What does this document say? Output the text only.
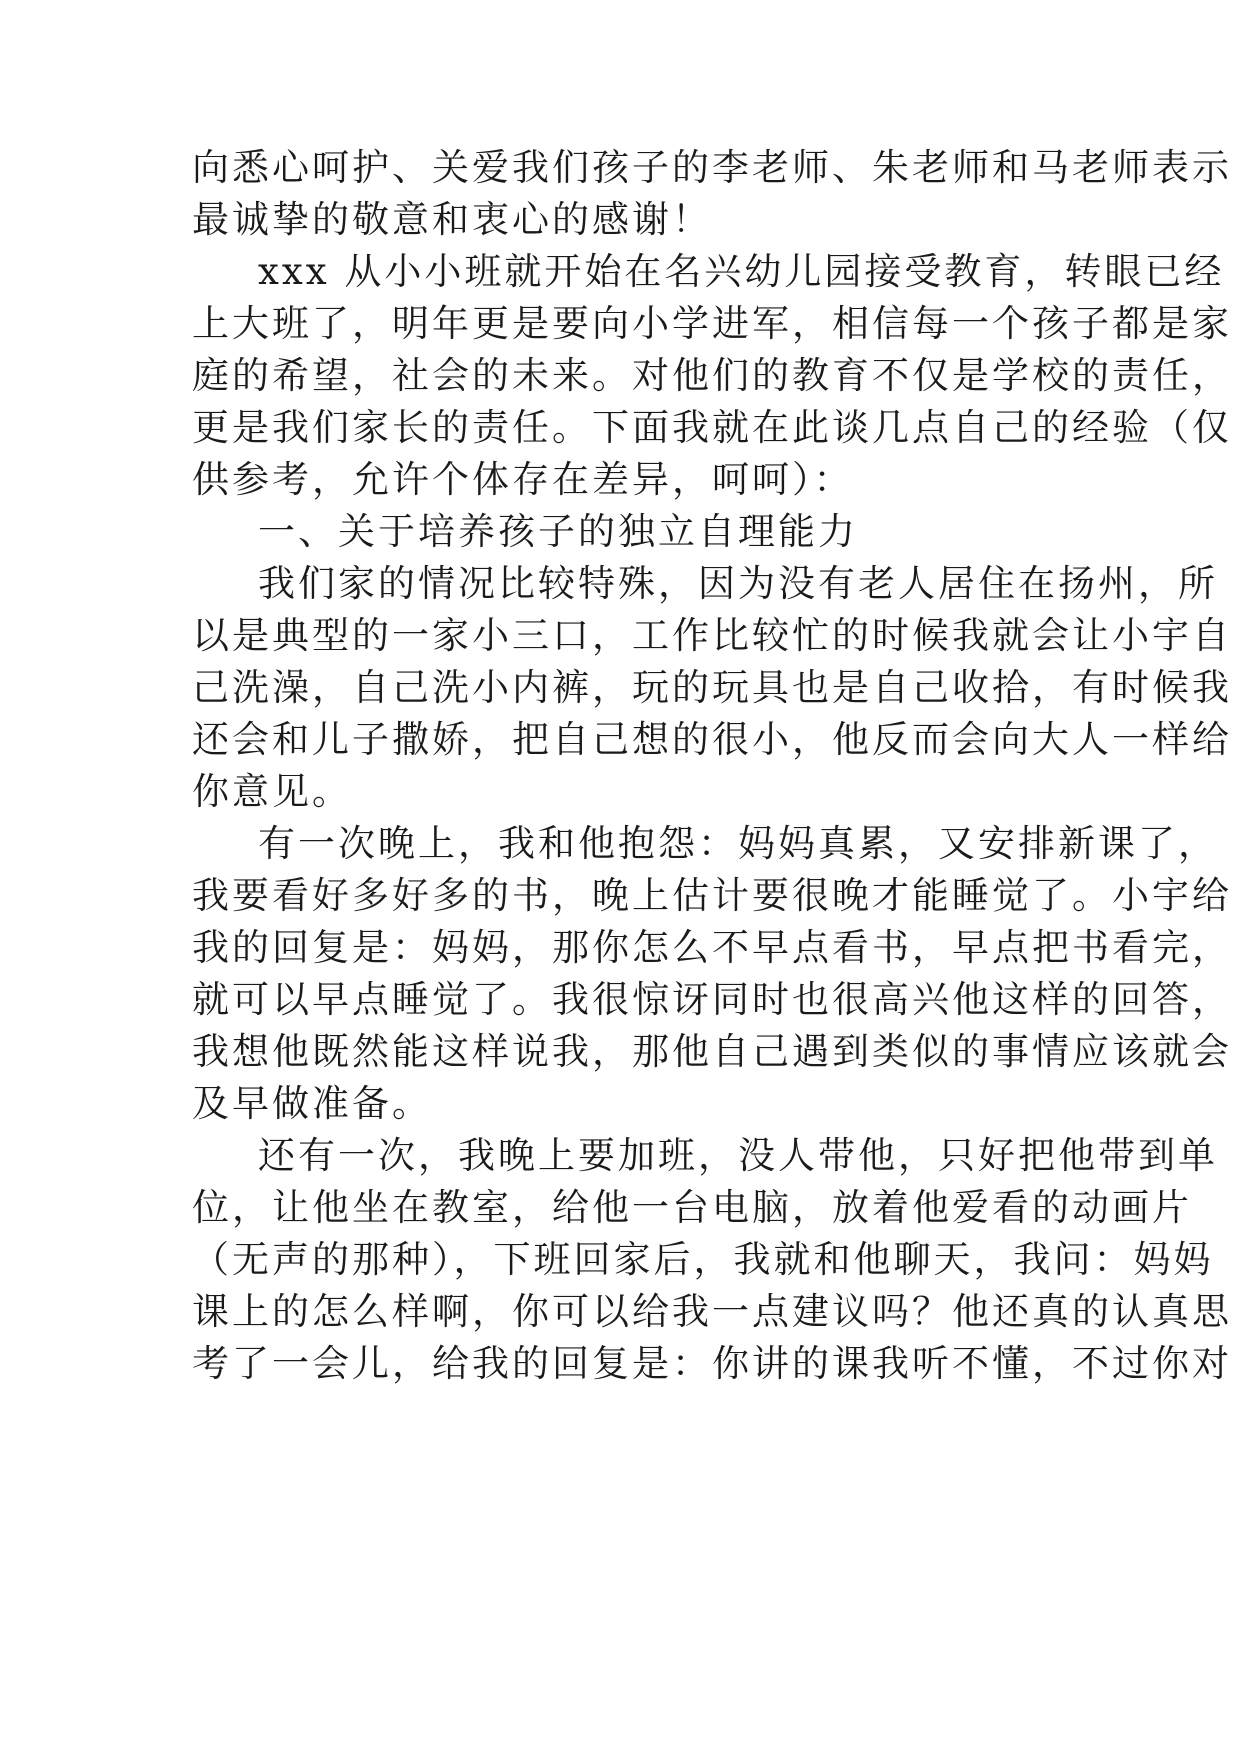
向悉心呵护、关爱我们孩子的李老师、朱老师和马老师表示
最诚挚的敬意和衷心的感谢！
xxx 从小小班就开始在名兴幼儿园接受教育，转眼已经
上大班了，明年更是要向小学进军，相信每一个孩子都是家
庭的希望，社会的未来。对他们的教育不仅是学校的责任，
更是我们家长的责任。下面我就在此谈几点自己的经验（仅
供参考，允许个体存在差异，呵呵）：
一、关于培养孩子的独立自理能力
我们家的情况比较特殊，因为没有老人居住在扬州，所
以是典型的一家小三口，工作比较忙的时候我就会让小宇自
己洗澡，自己洗小内裤，玩的玩具也是自己收拾，有时候我
还会和儿子撒娇，把自己想的很小，他反而会向大人一样给
你意见。
有一次晚上，我和他抱怨：妈妈真累，又安排新课了，
我要看好多好多的书，晚上估计要很晚才能睡觉了。小宇给
我的回复是：妈妈，那你怎么不早点看书，早点把书看完，
就可以早点睡觉了。我很惊讶同时也很高兴他这样的回答，
我想他既然能这样说我，那他自己遇到类似的事情应该就会
及早做准备。
还有一次，我晚上要加班，没人带他，只好把他带到单
位，让他坐在教室，给他一台电脑，放着他爱看的动画片
（无声的那种），下班回家后，我就和他聊天，我问：妈妈
课上的怎么样啊，你可以给我一点建议吗？他还真的认真思
考了一会儿，给我的回复是：你讲的课我听不懂，不过你对
